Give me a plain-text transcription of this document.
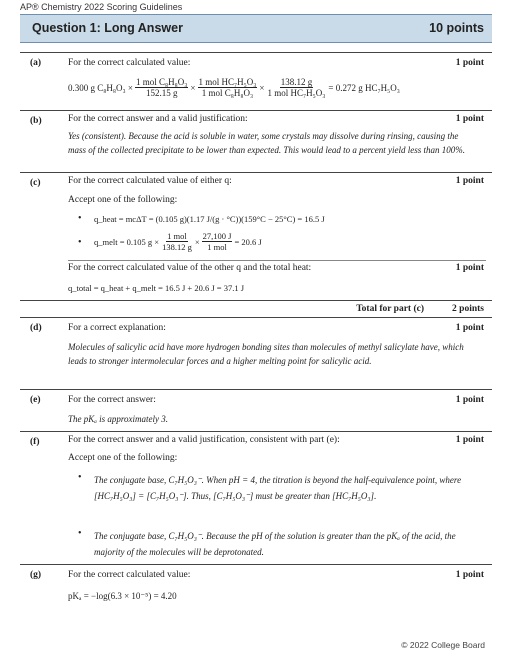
AP® Chemistry 2022 Scoring Guidelines
Question 1: Long Answer	10 points
(a)	For the correct calculated value:	1 point
0.300 g C₈H₈O₃ ×
1 mol C₈H₈O₃
152.15 g
×
1 mol HC₇H₅O₃
1 mol C₈H₈O₃
×
138.12 g
1 mol HC₇H₅O₃
= 0.272 g HC₇H₅O₃
(b)	For the correct answer and a valid justification:	1 point
Yes (consistent). Because the acid is soluble in water, some crystals may dissolve during rinsing, causing the mass of the collected precipitate to be lower than expected. This would lead to a percent yield less than 100%.
(c)	For the correct calculated value of either q:	1 point
Accept one of the following:
• q_heat = mcΔT = (0.105 g)(1.17 J/(g · °C))(159°C − 25°C) = 16.5 J
• q_melt = 0.105 g ×
1 mol
138.12 g
×
27,100 J
1 mol
= 20.6 J
For the correct calculated value of the other q and the total heat:	1 point
q_total = q_heat + q_melt = 16.5 J + 20.6 J = 37.1 J
Total for part (c)	2 points
(d)	For a correct explanation:	1 point
Molecules of salicylic acid have more hydrogen bonding sites than molecules of methyl salicylate have, which leads to stronger intermolecular forces and a higher melting point for salicylic acid.
(e)	For the correct answer:	1 point
The pKₐ is approximately 3.
(f)	For the correct answer and a valid justification, consistent with part (e):	1 point
Accept one of the following:
• The conjugate base, C₇H₅O₃⁻. When pH = 4, the titration is beyond the half-equivalence point, where [HC₇H₅O₃] = [C₇H₅O₃⁻]. Thus, [C₇H₅O₃⁻] must be greater than [HC₇H₅O₃].
• The conjugate base, C₇H₅O₃⁻. Because the pH of the solution is greater than the pKₐ of the acid, the majority of the molecules will be deprotonated.
(g)	For the correct calculated value:	1 point
pKₐ = −log(6.3 × 10⁻⁵) = 4.20
© 2022 College Board
